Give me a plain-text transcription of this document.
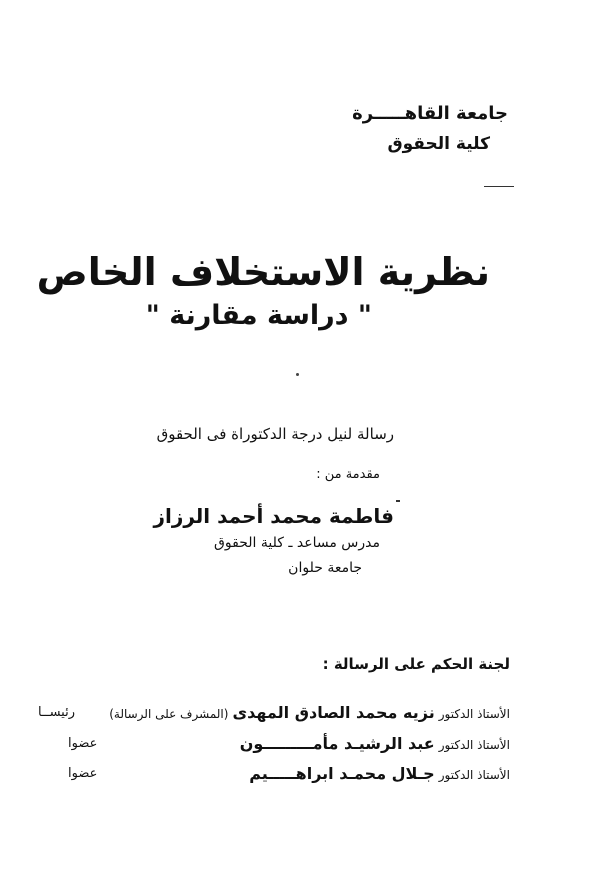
جامعة القاهـــــرة
كلية الحقوق
نظرية الاستخلاف الخاص
" دراسة مقارنة "
رسالة لنيل درجة الدكتوراة فى الحقوق
مقدمة من :
فاطمة محمد أحمد الرزاز
مدرس مساعد ـ كلية الحقوق
جامعة حلوان
لجنة الحكم على الرسالة :
الأستاذ الدكتور
نزيه محمد الصادق المهدى
(المشرف على الرسالة)
رئيســا
الأستاذ الدكتور
عبد الرشيـد مأمـــــــــون
عضوا
الأستاذ الدكتور
جـلال محمـد ابراهـــــيم
عضوا
